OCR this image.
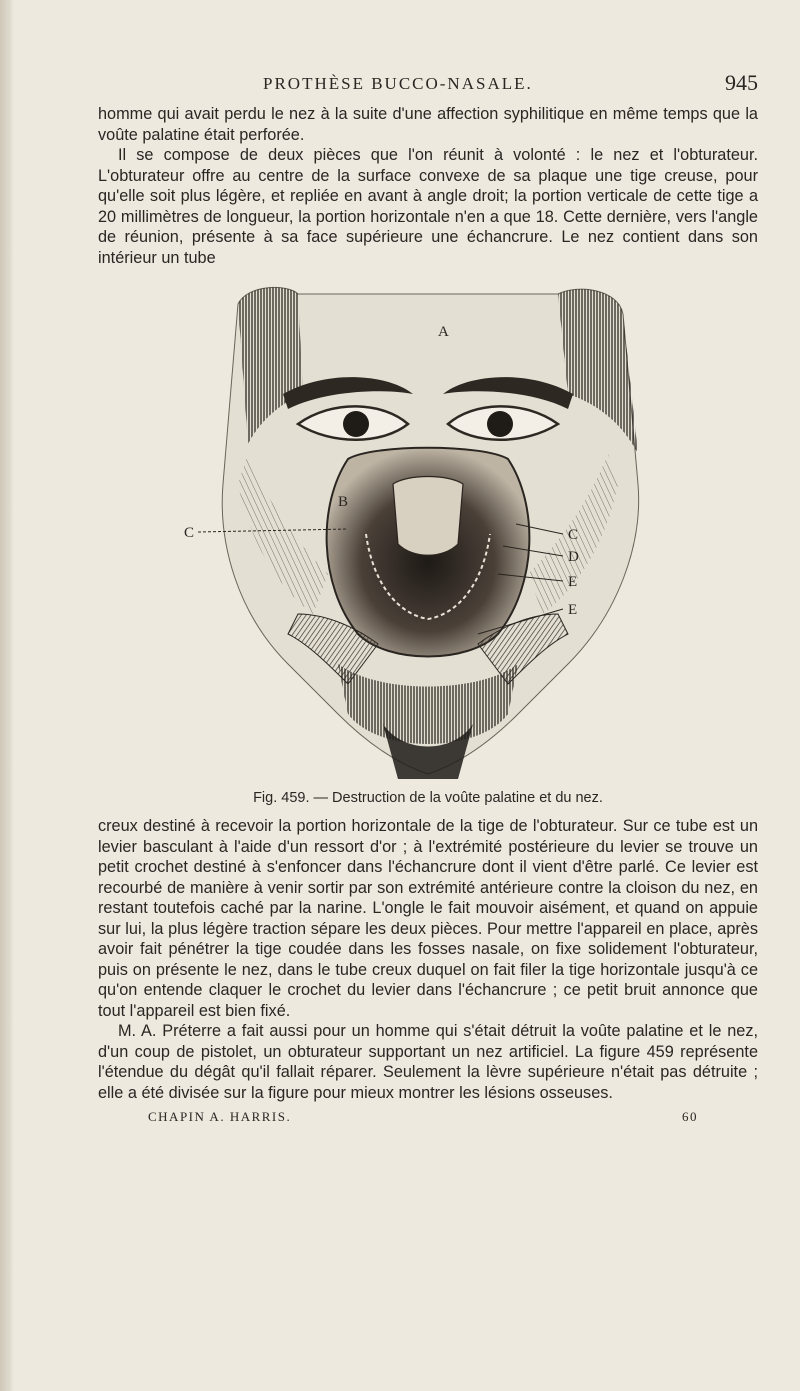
PROTHÈSE BUCCO-NASALE.	945

homme qui avait perdu le nez à la suite d'une affection syphilitique en même temps que la voûte palatine était perforée.

Il se compose de deux pièces que l'on réunit à volonté : le nez et l'obturateur. L'obturateur offre au centre de la surface convexe de sa plaque une tige creuse, pour qu'elle soit plus légère, et repliée en avant à angle droit; la portion verticale de cette tige a 20 millimètres de longueur, la portion horizontale n'en a que 18. Cette dernière, vers l'angle de réunion, présente à sa face supérieure une échancrure. Le nez contient dans son intérieur un tube

A
B
C	C
D
E
E
Fig. 459. — Destruction de la voûte palatine et du nez.

creux destiné à recevoir la portion horizontale de la tige de l'obturateur. Sur ce tube est un levier basculant à l'aide d'un ressort d'or ; à l'extrémité postérieure du levier se trouve un petit crochet destiné à s'enfoncer dans l'échancrure dont il vient d'être parlé. Ce levier est recourbé de manière à venir sortir par son extrémité antérieure contre la cloison du nez, en restant toutefois caché par la narine. L'ongle le fait mouvoir aisément, et quand on appuie sur lui, la plus légère traction sépare les deux pièces. Pour mettre l'appareil en place, après avoir fait pénétrer la tige coudée dans les fosses nasale, on fixe solidement l'obturateur, puis on présente le nez, dans le tube creux duquel on fait filer la tige horizontale jusqu'à ce qu'on entende claquer le crochet du levier dans l'échancrure ; ce petit bruit annonce que tout l'appareil est bien fixé.

M. A. Préterre a fait aussi pour un homme qui s'était détruit la voûte palatine et le nez, d'un coup de pistolet, un obturateur supportant un nez artificiel. La figure 459 représente l'étendue du dégât qu'il fallait réparer. Seulement la lèvre supérieure n'était pas détruite ; elle a été divisée sur la figure pour mieux montrer les lésions osseuses.

CHAPIN A. HARRIS.	60
